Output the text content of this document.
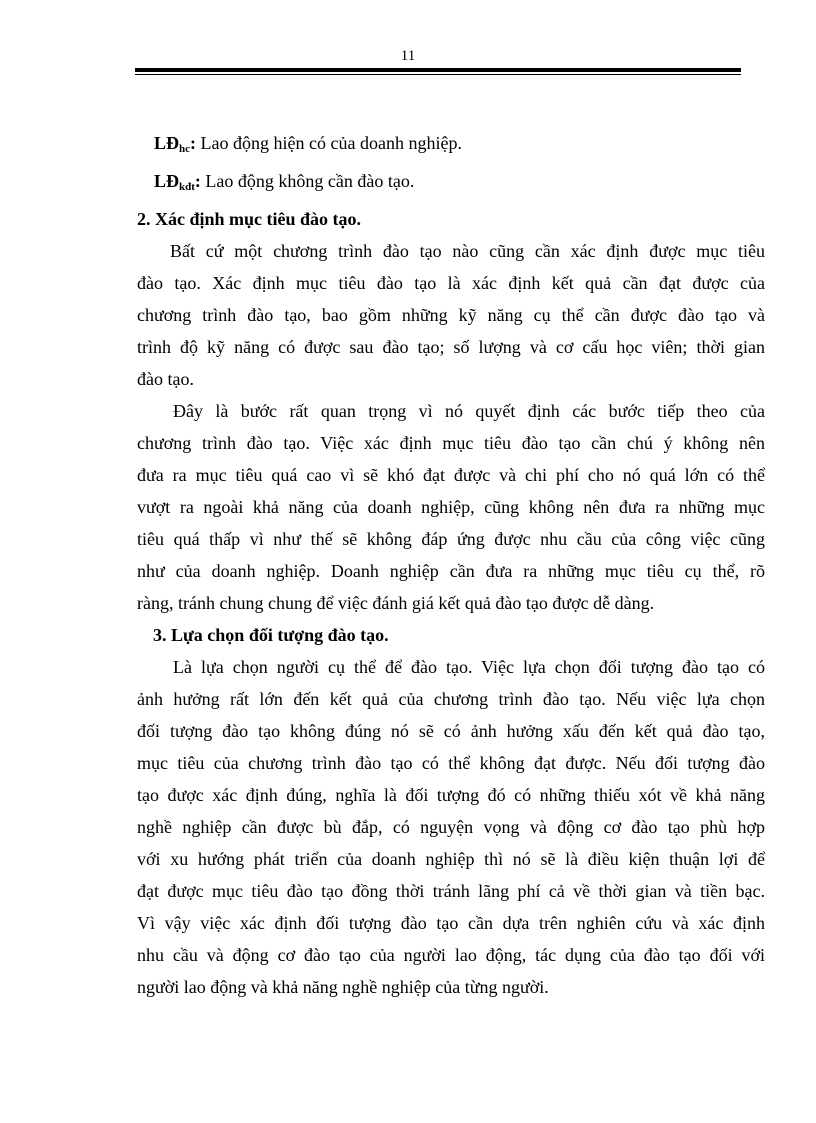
11
$LĐ_{hc}$: Lao động hiện có của doanh nghiệp.
$LĐ_{kđt}$: Lao động không cần đào tạo.
2. Xác định mục tiêu đào tạo.
Bất cứ một chương trình đào tạo nào cũng cần xác định được mục tiêu
đào tạo. Xác định mục tiêu đào tạo là xác định kết quả cần đạt được của
chương trình đào tạo, bao gồm những kỹ năng cụ thể cần được đào tạo và
trình độ kỹ năng có được sau đào tạo; số lượng và cơ cấu học viên; thời gian
đào tạo.
Đây là bước rất quan trọng vì nó quyết định các bước tiếp theo của
chương trình đào tạo. Việc xác định mục tiêu đào tạo cần chú ý không nên
đưa ra mục tiêu quá cao vì sẽ khó đạt được và chi phí cho nó quá lớn có thể
vượt ra ngoài khả năng của doanh nghiệp, cũng không nên đưa ra những mục
tiêu quá thấp vì như thế sẽ không đáp ứng được nhu cầu của công việc cũng
như của doanh nghiệp. Doanh nghiệp cần đưa ra những mục tiêu cụ thể, rõ
ràng, tránh chung chung để việc đánh giá kết quả đào tạo được dễ dàng.
3. Lựa chọn đối tượng đào tạo.
Là lựa chọn người cụ thể để đào tạo. Việc lựa chọn đối tượng đào tạo có
ảnh hưởng rất lớn đến kết quả của chương trình đào tạo. Nếu việc lựa chọn
đối tượng đào tạo không đúng nó sẽ có ảnh hưởng xấu đến kết quả đào tạo,
mục tiêu của chương trình đào tạo có thể không đạt được. Nếu đối tượng đào
tạo được xác định đúng, nghĩa là đối tượng đó có những thiếu xót về khả năng
nghề nghiệp cần được bù đắp, có nguyện vọng và động cơ đào tạo phù hợp
với xu hướng phát triển của doanh nghiệp thì nó sẽ là điều kiện thuận lợi để
đạt được mục tiêu đào tạo đồng thời tránh lãng phí cả về thời gian và tiền bạc.
Vì vậy việc xác định đối tượng đào tạo cần dựa trên nghiên cứu và xác định
nhu cầu và động cơ đào tạo của người lao động, tác dụng của đào tạo đối với
người lao động và khả năng nghề nghiệp của từng người.
